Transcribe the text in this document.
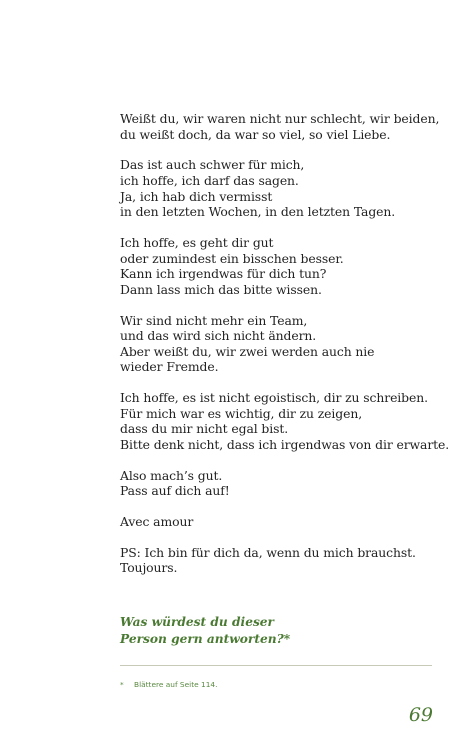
Weißt du, wir waren nicht nur schlecht, wir beiden,
du weißt doch, da war so viel, so viel Liebe.
Das ist auch schwer für mich,
ich hoffe, ich darf das sagen.
Ja, ich hab dich vermisst
in den letzten Wochen, in den letzten Tagen.
Ich hoffe, es geht dir gut
oder zumindest ein bisschen besser.
Kann ich irgendwas für dich tun?
Dann lass mich das bitte wissen.
Wir sind nicht mehr ein Team,
und das wird sich nicht ändern.
Aber weißt du, wir zwei werden auch nie
wieder Fremde.
Ich hoffe, es ist nicht egoistisch, dir zu schreiben.
Für mich war es wichtig, dir zu zeigen,
dass du mir nicht egal bist.
Bitte denk nicht, dass ich irgendwas von dir erwarte.
Also mach’s gut.
Pass auf dich auf!
Avec amour
PS: Ich bin für dich da, wenn du mich brauchst.
Toujours.
Was würdest du dieser
Person gern antworten?*
* Blättere auf Seite 114.
69
